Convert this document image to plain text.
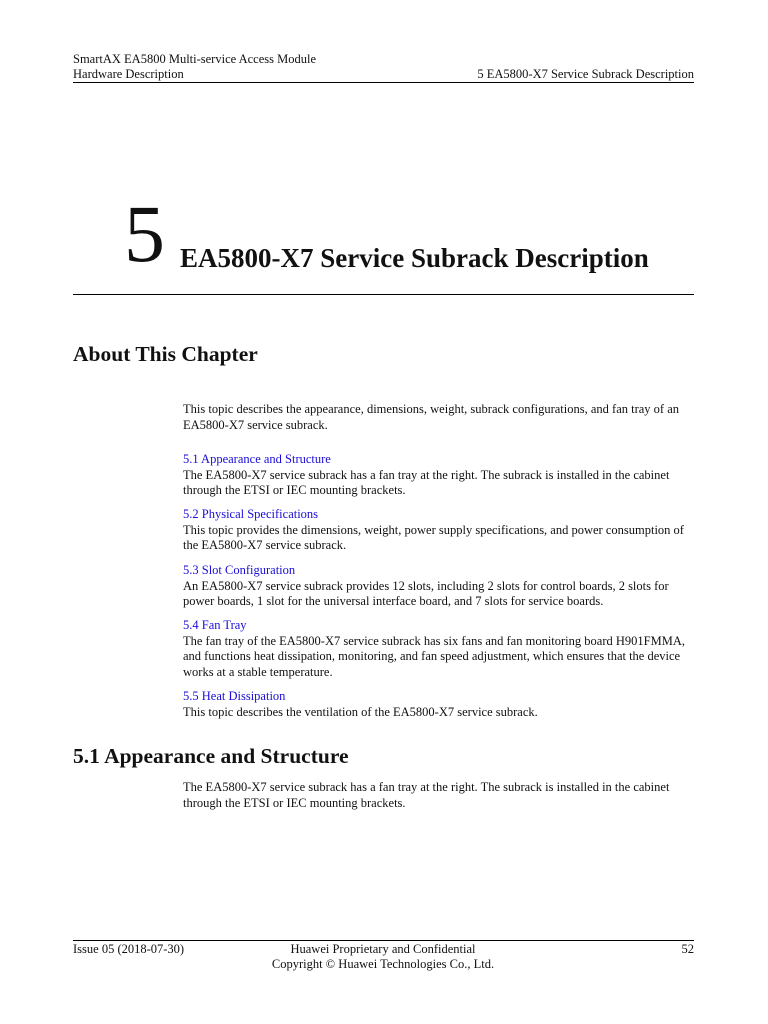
SmartAX EA5800 Multi-service Access Module
Hardware Description	5 EA5800-X7 Service Subrack Description
5 EA5800-X7 Service Subrack Description
About This Chapter
This topic describes the appearance, dimensions, weight, subrack configurations, and fan tray of an EA5800-X7 service subrack.
5.1 Appearance and Structure
The EA5800-X7 service subrack has a fan tray at the right. The subrack is installed in the cabinet through the ETSI or IEC mounting brackets.
5.2 Physical Specifications
This topic provides the dimensions, weight, power supply specifications, and power consumption of the EA5800-X7 service subrack.
5.3 Slot Configuration
An EA5800-X7 service subrack provides 12 slots, including 2 slots for control boards, 2 slots for power boards, 1 slot for the universal interface board, and 7 slots for service boards.
5.4 Fan Tray
The fan tray of the EA5800-X7 service subrack has six fans and fan monitoring board H901FMMA, and functions heat dissipation, monitoring, and fan speed adjustment, which ensures that the device works at a stable temperature.
5.5 Heat Dissipation
This topic describes the ventilation of the EA5800-X7 service subrack.
5.1 Appearance and Structure
The EA5800-X7 service subrack has a fan tray at the right. The subrack is installed in the cabinet through the ETSI or IEC mounting brackets.
Issue 05 (2018-07-30)	Huawei Proprietary and Confidential
Copyright © Huawei Technologies Co., Ltd.
52
